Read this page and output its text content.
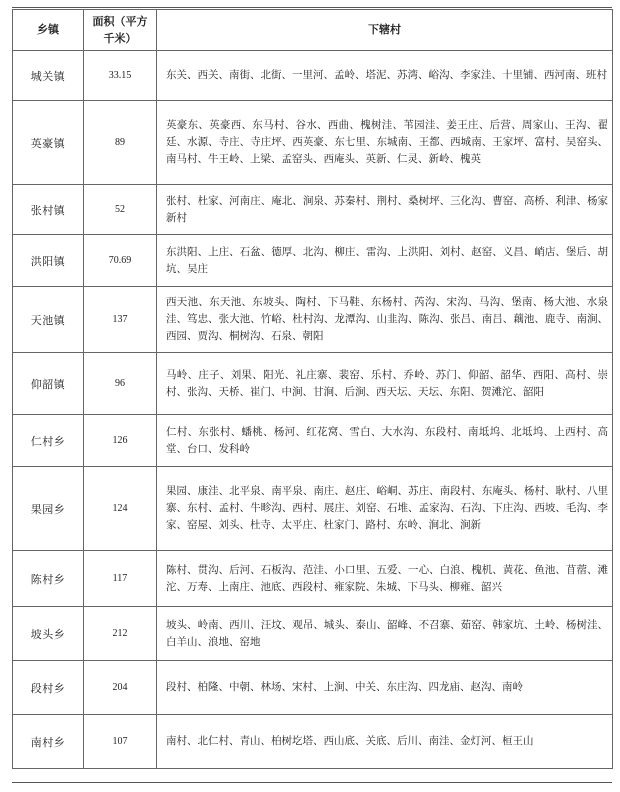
乡镇	面积（平方千米）	下辖村
城关镇	33.15	东关、西关、南街、北街、一里河、孟岭、塔泥、苏湾、峪沟、李家洼、十里铺、西河南、班村
英豪镇	89	英豪东、英豪西、东马村、谷水、西曲、槐树洼、苇园洼、姜王庄、后营、周家山、王沟、翟廷、水源、寺庄、寺庄坪、西英豪、东七里、东城南、王都、西城南、王家坪、富村、吴窑头、南马村、牛王岭、上梁、孟窑头、西庵头、英新、仁灵、新岭、槐英
张村镇	52	张村、杜家、河南庄、庵北、涧泉、苏秦村、荆村、桑树坪、三化沟、曹窑、高桥、利津、杨家新村
洪阳镇	70.69	东洪阳、上庄、石盆、德厚、北沟、柳庄、雷沟、上洪阳、刘村、赵窑、义昌、峭店、堡后、胡坑、吴庄
天池镇	137	西天池、东天池、东坡头、陶村、下马鞋、东杨村、芮沟、宋沟、马沟、堡南、杨大池、水泉洼、笃忠、张大池、竹峪、杜村沟、龙潭沟、山韭沟、陈沟、张吕、南吕、藕池、鹿寺、南涧、西园、贾沟、桐树沟、石泉、朝阳
仰韶镇	96	马岭、庄子、刘果、阳光、礼庄寨、裴窑、乐村、乔岭、苏门、仰韶、韶华、西阳、高村、崇村、张沟、天桥、崔门、中涧、甘涧、后涧、西天坛、天坛、东阳、贺滩沱、韶阳
仁村乡	126	仁村、东张村、蟠桃、杨河、红花窝、雪白、大水沟、东段村、南坻坞、北坻坞、上西村、高堂、台口、发科岭
果园乡	124	果园、康洼、北平泉、南平泉、南庄、赵庄、峪峒、苏庄、南段村、东庵头、杨村、耿村、八里寨、东村、孟村、牛畛沟、西村、展庄、刘窑、石堆、孟家沟、石沟、下庄沟、西坡、毛沟、李家、窑屋、刘头、杜寺、太平庄、杜家门、路村、东岭、涧北、涧新
陈村乡	117	陈村、贯沟、后河、石板沟、范洼、小口里、五爱、一心、白浪、槐机、黄花、鱼池、苜蓿、滩沱、万寿、上南庄、池底、西段村、雍家院、朱城、下马头、柳雍、韶兴
坡头乡	212	坡头、岭南、西川、汪坟、观吊、城头、泰山、韶峰、不召寨、茹窑、韩家坑、土岭、杨树洼、白羊山、浪地、窑地
段村乡	204	段村、柏隆、中朝、林场、宋村、上涧、中关、东庄沟、四龙庙、赵沟、南岭
南村乡	107	南村、北仁村、青山、柏树圪塔、西山底、关底、后川、南洼、金灯河、桓王山
